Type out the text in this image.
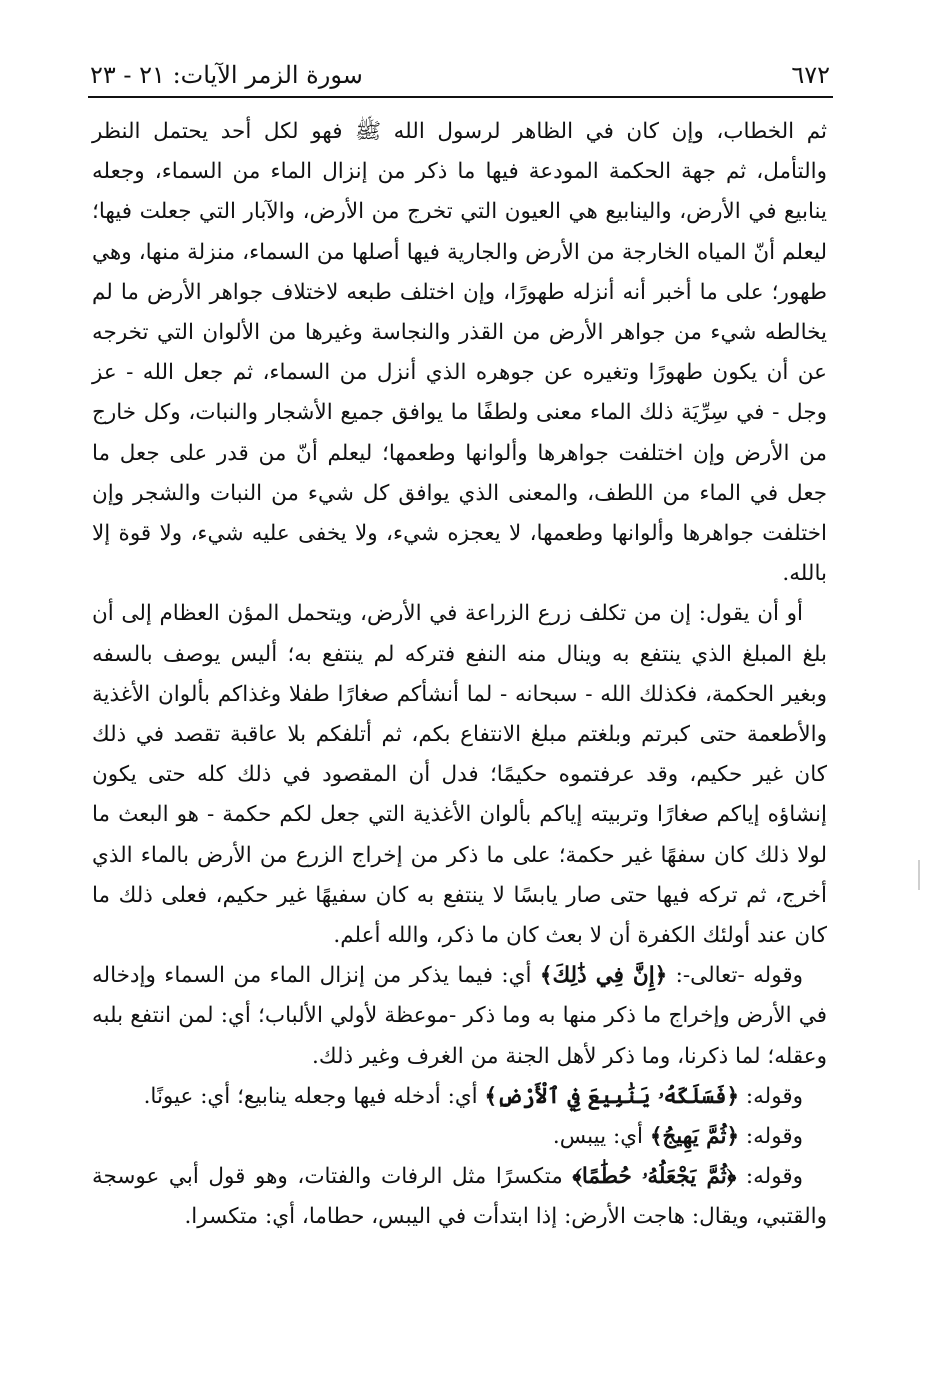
٦٧٢
سورة الزمر الآيات: ٢١ - ٢٣

ثم الخطاب، وإن كان في الظاهر لرسول الله ﷺ فهو لكل أحد يحتمل النظر والتأمل، ثم جهة الحكمة المودعة فيها ما ذكر من إنزال الماء من السماء، وجعله ينابيع في الأرض، والينابيع هي العيون التي تخرج من الأرض، والآبار التي جعلت فيها؛ ليعلم أنّ المياه الخارجة من الأرض والجارية فيها أصلها من السماء، منزلة منها، وهي طهور؛ على ما أخبر أنه أنزله طهورًا، وإن اختلف طبعه لاختلاف جواهر الأرض ما لم يخالطه شيء من جواهر الأرض من القذر والنجاسة وغيرها من الألوان التي تخرجه عن أن يكون طهورًا وتغيره عن جوهره الذي أنزل من السماء، ثم جعل الله - عز وجل - في سِرِّيَة ذلك الماء معنى ولطفًا ما يوافق جميع الأشجار والنبات، وكل خارج من الأرض وإن اختلفت جواهرها وألوانها وطعمها؛ ليعلم أنّ من قدر على جعل ما جعل في الماء من اللطف، والمعنى الذي يوافق كل شيء من النبات والشجر وإن اختلفت جواهرها وألوانها وطعمها، لا يعجزه شيء، ولا يخفى عليه شيء، ولا قوة إلا بالله.

أو أن يقول: إن من تكلف زرع الزراعة في الأرض، ويتحمل المؤن العظام إلى أن بلغ المبلغ الذي ينتفع به وينال منه النفع فتركه لم ينتفع به؛ أليس يوصف بالسفه وبغير الحكمة، فكذلك الله - سبحانه - لما أنشأكم صغارًا طفلا وغذاكم بألوان الأغذية والأطعمة حتى كبرتم وبلغتم مبلغ الانتفاع بكم، ثم أتلفكم بلا عاقبة تقصد في ذلك كان غير حكيم، وقد عرفتموه حكيمًا؛ فدل أن المقصود في ذلك كله حتى يكون إنشاؤه إياكم صغارًا وتربيته إياكم بألوان الأغذية التي جعل لكم حكمة - هو البعث ما لولا ذلك كان سفهًا غير حكمة؛ على ما ذكر من إخراج الزرع من الأرض بالماء الذي أخرج، ثم تركه فيها حتى صار يابسًا لا ينتفع به كان سفيهًا غير حكيم، فعلى ذلك ما كان عند أولئك الكفرة أن لا بعث كان ما ذكر، والله أعلم.

وقوله -تعالى-: ﴿إِنَّ فِي ذَٰلِكَ﴾ أي: فيما يذكر من إنزال الماء من السماء وإدخاله في الأرض وإخراج ما ذكر منها به وما ذكر -موعظة لأولي الألباب؛ أي: لمن انتفع بلبه وعقله؛ لما ذكرنا، وما ذكر لأهل الجنة من الغرف وغير ذلك.

وقوله: ﴿فَسَلَكَهُۥ يَنَٰبِيعَ فِي ٱلْأَرْضِ﴾ أي: أدخله فيها وجعله ينابيع؛ أي: عيونًا.

وقوله: ﴿ثُمَّ يَهِيجُ﴾ أي: ييبس.

وقوله: ﴿ثُمَّ يَجْعَلُهُۥ حُطَٰمًا﴾ متكسرًا مثل الرفات والفتات، وهو قول أبي عوسجة والقتبي، ويقال: هاجت الأرض: إذا ابتدأت في اليبس، حطاما، أي: متكسرا.
